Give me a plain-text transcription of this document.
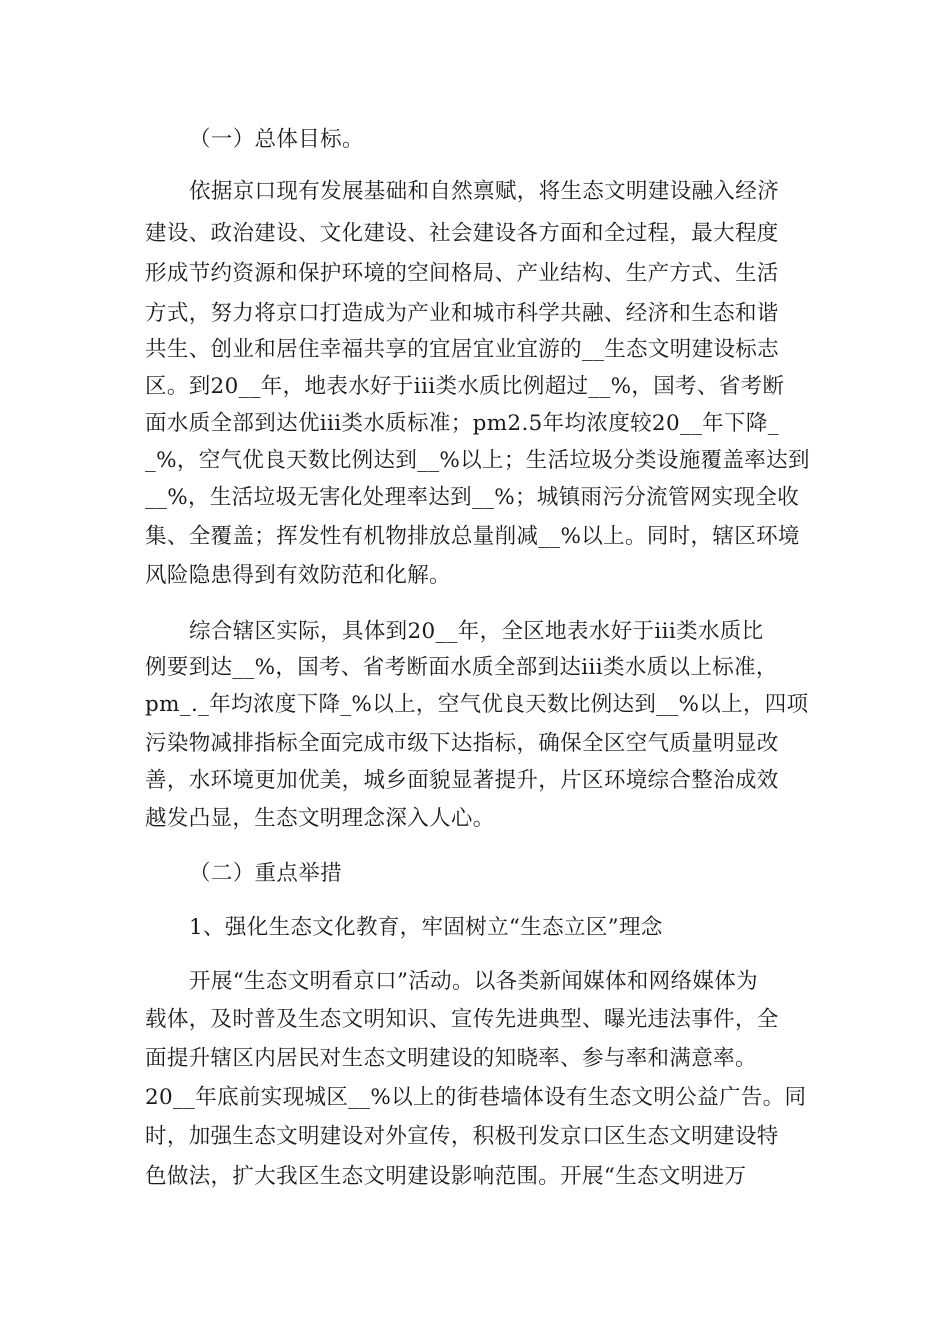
（一）总体目标。

依据京口现有发展基础和自然禀赋，将生态文明建设融入经济

建设、政治建设、文化建设、社会建设各方面和全过程，最大程度

形成节约资源和保护环境的空间格局、产业结构、生产方式、生活

方式，努力将京口打造成为产业和城市科学共融、经济和生态和谐

共生、创业和居住幸福共享的宜居宜业宜游的__生态文明建设标志

区。到20__年，地表水好于iii类水质比例超过__%，国考、省考断

面水质全部到达优iii类水质标准；pm2.5年均浓度较20__年下降_

_%，空气优良天数比例达到__%以上；生活垃圾分类设施覆盖率达到

__%，生活垃圾无害化处理率达到__%；城镇雨污分流管网实现全收

集、全覆盖；挥发性有机物排放总量削减__%以上。同时，辖区环境

风险隐患得到有效防范和化解。

综合辖区实际，具体到20__年，全区地表水好于iii类水质比

例要到达__%，国考、省考断面水质全部到达iii类水质以上标准，

pm_._年均浓度下降_%以上，空气优良天数比例达到__%以上，四项

污染物减排指标全面完成市级下达指标，确保全区空气质量明显改

善，水环境更加优美，城乡面貌显著提升，片区环境综合整治成效

越发凸显，生态文明理念深入人心。

（二）重点举措

1、强化生态文化教育，牢固树立“生态立区”理念

开展“生态文明看京口”活动。以各类新闻媒体和网络媒体为

载体，及时普及生态文明知识、宣传先进典型、曝光违法事件，全

面提升辖区内居民对生态文明建设的知晓率、参与率和满意率。

20__年底前实现城区__%以上的街巷墙体设有生态文明公益广告。同

时，加强生态文明建设对外宣传，积极刊发京口区生态文明建设特

色做法，扩大我区生态文明建设影响范围。开展“生态文明进万
